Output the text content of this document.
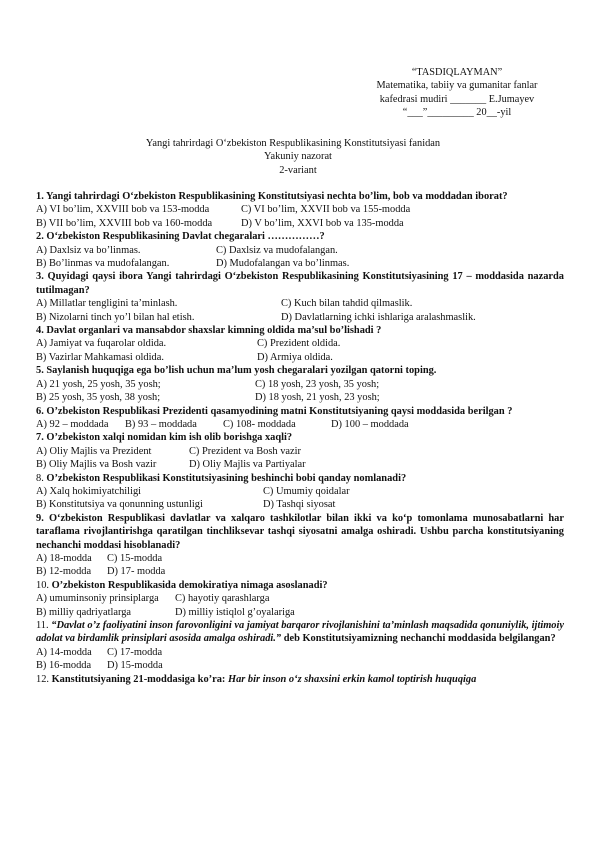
“TASDIQLAYMAN”
Matematika, tabiiy va gumanitar fanlar
kafedrasi mudiri _______ E.Jumayev
“___”_________ 20__-yil
Yangi tahrirdagi O‘zbekiston Respublikasining Konstitutsiyasi fanidan
Yakuniy nazorat
2-variant
1. Yangi tahrirdagi O‘zbekiston Respublikasining Konstitutsiyasi nechta bo’lim, bob va moddadan iborat?
A) VI bo’lim, XXVIII bob va 153-modda	C) VI bo’lim, XXVII bob va 155-modda
B) VII bo’lim, XXVIII bob va 160-modda	D) V bo’lim, XXVI bob va 135-modda
2. O‘zbekiston Respublikasining Davlat chegaralari ……………?
A) Daxlsiz va bo’linmas.	C) Daxlsiz va mudofalangan.
B) Bo’linmas va mudofalangan.	D) Mudofalangan va bo’linmas.
3. Quyidagi qaysi ibora Yangi tahrirdagi O‘zbekiston Respublikasining Konstitutsiyasining 17 – moddasida nazarda tutilmagan?
A) Millatlar tengligini ta’minlash.	C) Kuch bilan tahdid qilmaslik.
B) Nizolarni tinch yo’l bilan hal etish.	D) Davlatlarning ichki ishlariga aralashmaslik.
4. Davlat organlari va mansabdor shaxslar kimning oldida ma’sul bo’lishadi ?
A) Jamiyat va fuqarolar oldida.	C) Prezident oldida.
B) Vazirlar Mahkamasi oldida.	D) Armiya oldida.
5. Saylanish huquqiga ega bo’lish uchun ma’lum yosh chegaralari yozilgan qatorni toping.
A) 21 yosh, 25 yosh, 35 yosh;	C) 18 yosh, 23 yosh, 35 yosh;
B) 25 yosh, 35 yosh, 38 yosh;	D) 18 yosh, 21 yosh, 23 yosh;
6. O’zbekiston Respublikasi Prezidenti qasamyodining matni Konstitutsiyaning qaysi moddasida berilgan ?
A) 92 – moddada	B) 93 – moddada	C) 108- moddada	D) 100 – moddada
7. O’zbekiston xalqi nomidan kim ish olib borishga xaqli?
A) Oliy Majlis va Prezident	C) Prezident va Bosh vazir
B) Oliy Majlis va Bosh vazir	D) Oliy Majlis va Partiyalar
8. O’zbekiston Respublikasi Konstitutsiyasining beshinchi bobi qanday nomlanadi?
A) Xalq hokimiyatchiligi	C) Umumiy qoidalar
B) Konstitutsiya va qonunning ustunligi	D) Tashqi siyosat
9. O‘zbekiston Respublikasi davlatlar va xalqaro tashkilotlar bilan ikki va ko‘p tomonlama munosabatlarni har taraflama rivojlantirishga qaratilgan tinchliksevar tashqi siyosatni amalga oshiradi. Ushbu parcha konstitutsiyaning nechanchi moddasi hisoblanadi?
A) 18-modda	C) 15-modda
B) 12-modda	D) 17- modda
10. O’zbekiston Respublikasida demokiratiya nimaga asoslanadi?
A) umuminsoniy prinsiplarga	C) hayotiy qarashlarga
B) milliy qadriyatlarga	D) milliy istiqlol g’oyalariga
11. “Davlat o’z faoliyatini inson farovonligini va jamiyat barqaror rivojlanishini ta’minlash maqsadida qonuniylik, ijtimoiy adolat va birdamlik prinsiplari asosida amalga oshiradi.” deb Konstitutsiyamizning nechanchi moddasida belgilangan?
A) 14-modda	C) 17-modda
B) 16-modda	D) 15-modda
12. Kanstitutsiyaning 21-moddasiga ko’ra: Har bir inson o‘z shaxsini erkin kamol toptirish huquqiga
